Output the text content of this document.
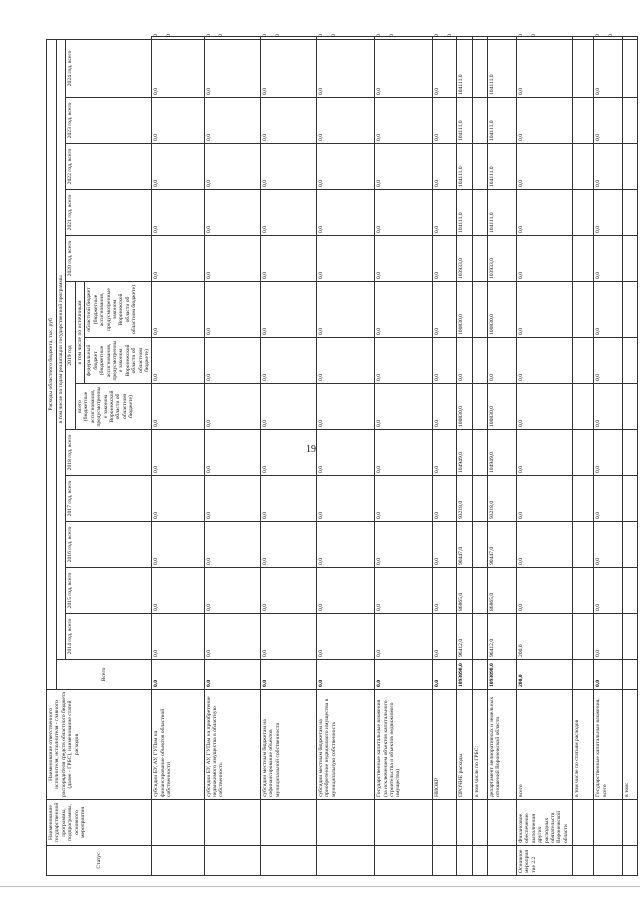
19
Статус	Наименование государственной программы, подпрограммы, основного мероприятия	Наименование ответственного исполнителя, исполнителя - главного распорядителя средств областного бюджета (далее - ГРБС), наименование статей расходов	Расходы областного бюджета, тыс. руб														
			Всего	в том числе по годам реализации государственной программы													
				2014 год, всего	2015 год, всего	2016 год, всего	2017 год, всего	2018 год, всего	2019 год			2020 год, всего	2021 год, всего	2022 год, всего	2023 год, всего	2024 год, всего	
									всего (бюджетные ассигнования, предусмотренные законом Воронежской области об областном бюджете)	в том числе по источникам							
										федеральный бюджет (бюджетные ассигнования, предусмотренные законом Воронежской области об областном бюджете)	областной бюджет (бюджетные ассигнования, предусмотренные законом Воронежской области об областном бюджете)						
		субсидии БУ, АУ, ГУПам на финансирование объектов областной собственности	0,0	0,0	0,0	0,0	0,0	0,0	0,0	0,0	0,0	0,0	0,0	0,0	0,0	0,0	0,0
		субсидии БУ, АУ, ГУПам на приобретение недвижимого имущества в областную собственность	0,0	0,0	0,0	0,0	0,0	0,0	0,0	0,0	0,0	0,0	0,0	0,0	0,0	0,0	0,0
		субсидии местным бюджетам на софинансирование объектов муниципальной собственности	0,0	0,0	0,0	0,0	0,0	0,0	0,0	0,0	0,0	0,0	0,0	0,0	0,0	0,0	0,0
		субсидии местным бюджетам на приобретение недвижимого имущества в муниципальную собственность	0,0	0,0	0,0	0,0	0,0	0,0	0,0	0,0	0,0	0,0	0,0	0,0	0,0	0,0	0,0
		Государственные капитальные вложения (за исключением объектов капитального строительства и объектов недвижимого имущества)	0,0	0,0	0,0	0,0	0,0	0,0	0,0	0,0	0,0	0,0	0,0	0,0	0,0	0,0	0,0
		НИОКР	0,0	0,0	0,0	0,0	0,0	0,0	0,0	0,0	0,0	0,0	0,0	0,0	0,0	0,0	0,0
		ПРОЧИЕ расходы	1093098,0	96412,0	86865,0	90447,0	93218,0	104949,0	100830,0	0,0	100830,0	103933,0	104111,0	104111,0	104111,0	104111,0	
		в том числе по ГРБС:															
		департамент мелиоративных и земельных отношений Воронежской области	1093098,0	96412,0	86865,0	90447,0	93218,0	104949,0	100830,0	0,0	100830,0	103933,0	104111,0	104111,0	104111,0	104111,0	
Основное мероприятие 2.2	Финансовое обеспечение выполнения других расходных обязательств Воронежской области	всего	200,0	200,0	0,0	0,0	0,0	0,0	0,0	0,0	0,0	0,0	0,0	0,0	0,0	0,0	0,0
		в том числе по статьям расходов															
		Государственные капитальные вложения, всего	0,0	0,0	0,0	0,0	0,0	0,0	0,0	0,0	0,0	0,0	0,0	0,0	0,0	0,0	0,0
		в том:															
